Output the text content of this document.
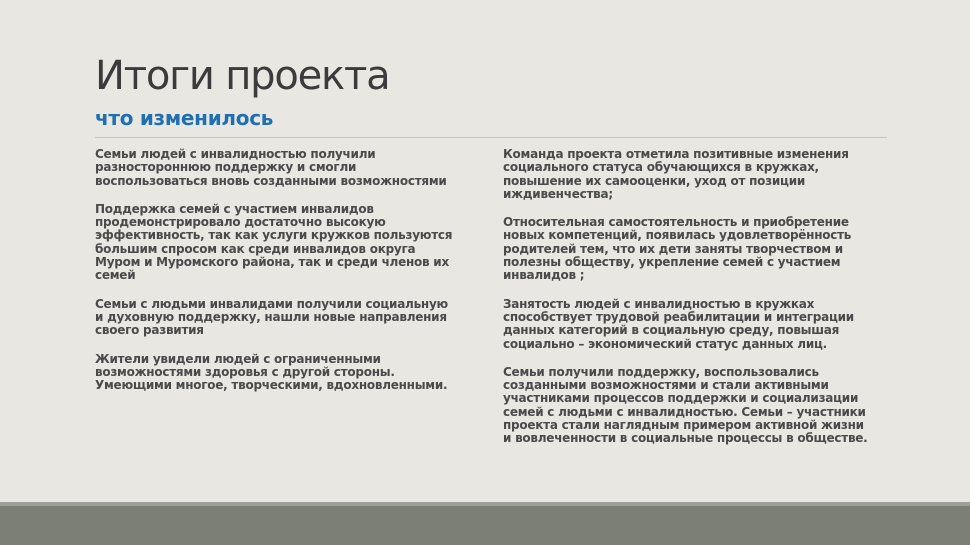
Итоги проекта
что изменилось

Семьи людей с инвалидностью получили
разностороннюю поддержку и смогли
воспользоваться вновь созданными возможностями

Поддержка семей с участием инвалидов
продемонстрировало достаточно высокую
эффективность, так как услуги кружков пользуются
большим спросом как среди инвалидов округа
Муром и Муромского района, так и среди членов их
семей

Семьи с людьми инвалидами получили социальную
и духовную поддержку, нашли новые направления
своего развития

Жители увидели людей с ограниченными
возможностями здоровья с другой стороны.
Умеющими многое, творческими, вдохновленными.

Команда проекта отметила позитивные изменения
социального статуса обучающихся в кружках,
повышение их самооценки, уход от позиции
иждивенчества;

Относительная самостоятельность и приобретение
новых компетенций, появилась удовлетворённость
родителей тем, что их дети заняты творчеством и
полезны обществу, укрепление семей с участием
инвалидов ;

Занятость людей с инвалидностью в кружках
способствует трудовой реабилитации и интеграции
данных категорий в социальную среду, повышая
социально – экономический статус данных лиц.

Семьи получили поддержку, воспользовались
созданными возможностями и стали активными
участниками процессов поддержки и социализации
семей с людьми с инвалидностью. Семьи – участники
проекта стали наглядным примером активной жизни
и вовлеченности в социальные процессы в обществе.
